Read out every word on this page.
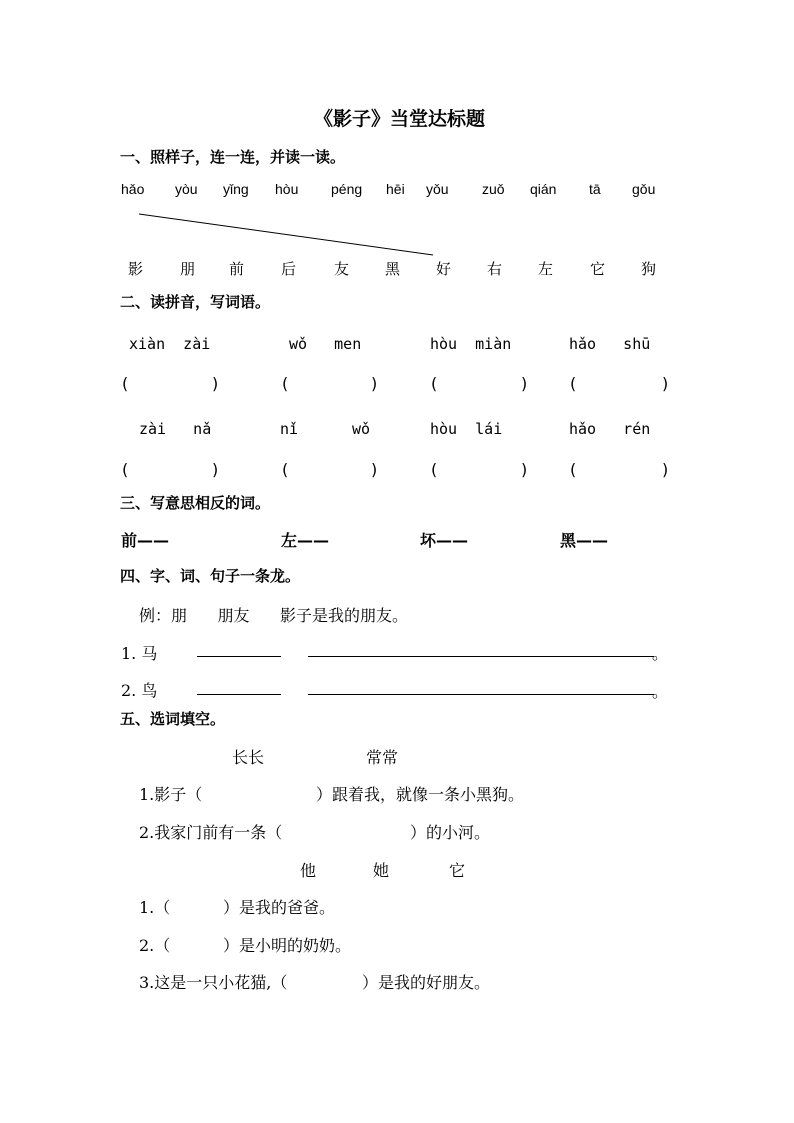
《影子》当堂达标题
一、照样子，连一连，并读一读。
hǎo yòu yǐng hòu péng hēi yǒu zuǒ qián tā gǒu
影 朋 前 后	友 黑 好 右 左 它 狗
二、读拼音，写词语。
xiàn  zài	wǒ   men	hòu  miàn	hǎo   shū
(	)	(	)	(	)	(	)
zài   nǎ	nǐ	wǒ	hòu  lái	hǎo   rén
(	)	(	)	(	)	(	)
三、写意思相反的词。
前——	左——	坏——	黑——
四、字、词、句子一条龙。
例：朋      朋友      影子是我的朋友。
1. 马	。
2. 鸟	。
五、选词填空。
长长	常常
1.影子（	）跟着我，就像一条小黑狗。
2.我家门前有一条（	）的小河。
他	她	它
1.（	）是我的爸爸。
2.（	）是小明的奶奶。
3.这是一只小花猫,（	）是我的好朋友。
